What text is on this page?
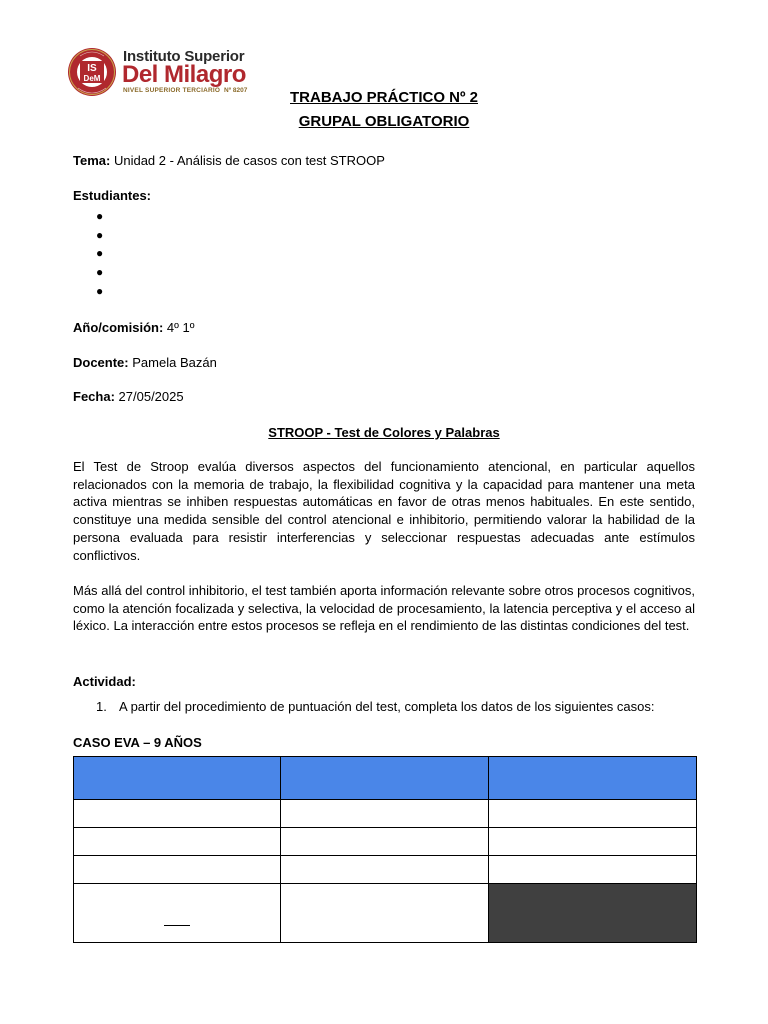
IS
DeM
Instituto Superior
Del Milagro
NIVEL SUPERIOR TERCIARIO Nº 8207	TRABAJO PRÁCTICO Nº 2
GRUPAL OBLIGATORIO
Tema: Unidad 2 - Análisis de casos con test STROOP
Estudiantes:
●
●
●
●
●
Año/comisión: 4º 1º
Docente: Pamela Bazán
Fecha: 27/05/2025
STROOP - Test de Colores y Palabras
El Test de Stroop evalúa diversos aspectos del funcionamiento atencional, en particular aquellos relacionados con la memoria de trabajo, la flexibilidad cognitiva y la capacidad para mantener una meta activa mientras se inhiben respuestas automáticas en favor de otras menos habituales. En este sentido, constituye una medida sensible del control atencional e inhibitorio, permitiendo valorar la habilidad de la persona evaluada para resistir interferencias y seleccionar respuestas adecuadas ante estímulos conflictivos.
Más allá del control inhibitorio, el test también aporta información relevante sobre otros procesos cognitivos, como la atención focalizada y selectiva, la velocidad de procesamiento, la latencia perceptiva y el acceso al léxico. La interacción entre estos procesos se refleja en el rendimiento de las distintas condiciones del test.
Actividad:
1. A partir del procedimiento de puntuación del test, completa los datos de los siguientes casos:
CASO EVA – 9 AÑOS
